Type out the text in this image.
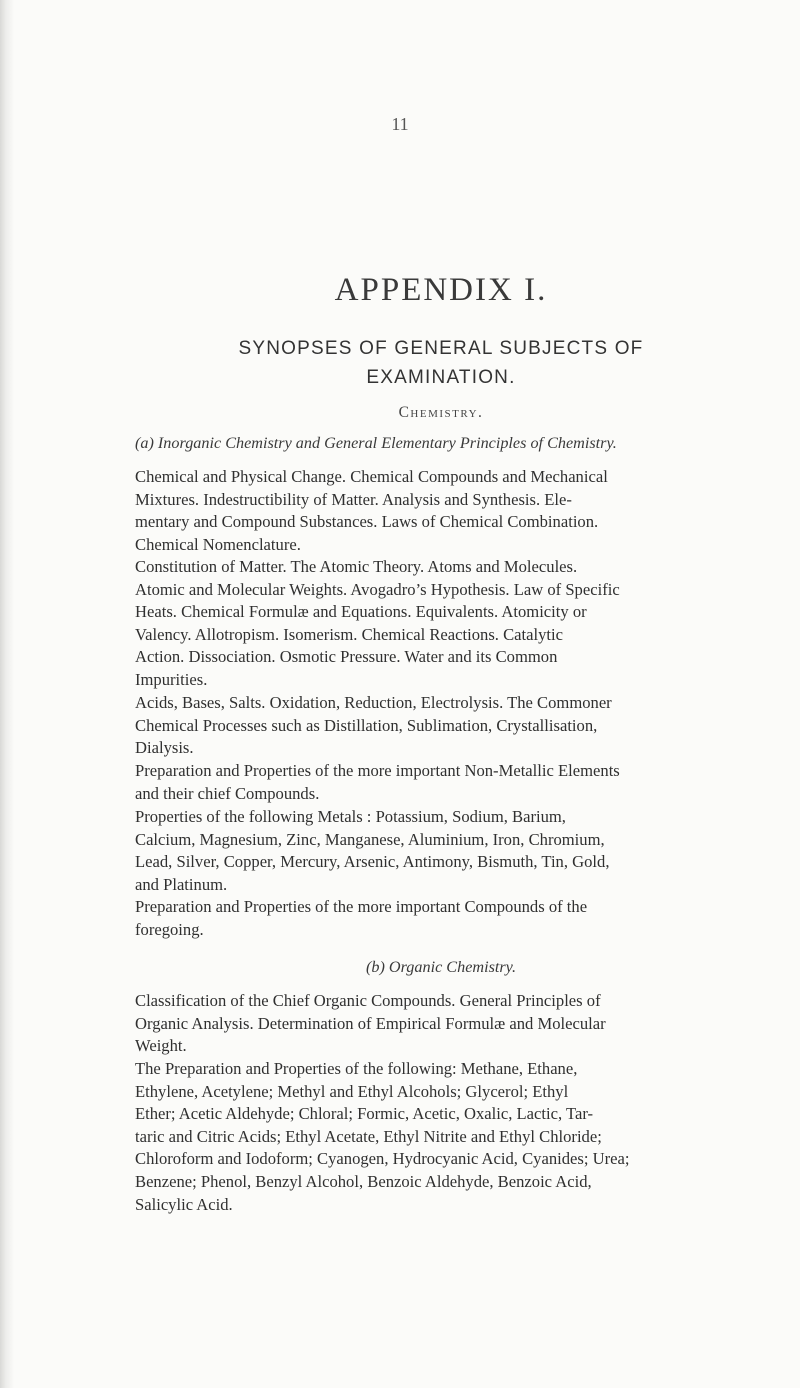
11
APPENDIX I.
SYNOPSES OF GENERAL SUBJECTS OF
EXAMINATION.
Chemistry.
(a) Inorganic Chemistry and General Elementary Principles of Chemistry.

Chemical and Physical Change. Chemical Compounds and Mechanical
Mixtures. Indestructibility of Matter. Analysis and Synthesis. Ele-
mentary and Compound Substances. Laws of Chemical Combination.
Chemical Nomenclature.

Constitution of Matter. The Atomic Theory. Atoms and Molecules.
Atomic and Molecular Weights. Avogadro’s Hypothesis. Law of Specific
Heats. Chemical Formulæ and Equations. Equivalents. Atomicity or
Valency. Allotropism. Isomerism. Chemical Reactions. Catalytic
Action. Dissociation. Osmotic Pressure. Water and its Common
Impurities.

Acids, Bases, Salts. Oxidation, Reduction, Electrolysis. The Commoner
Chemical Processes such as Distillation, Sublimation, Crystallisation,
Dialysis.

Preparation and Properties of the more important Non-Metallic Elements
and their chief Compounds.

Properties of the following Metals : Potassium, Sodium, Barium,
Calcium, Magnesium, Zinc, Manganese, Aluminium, Iron, Chromium,
Lead, Silver, Copper, Mercury, Arsenic, Antimony, Bismuth, Tin, Gold,
and Platinum.

Preparation and Properties of the more important Compounds of the
foregoing.

(b) Organic Chemistry.

Classification of the Chief Organic Compounds. General Principles of
Organic Analysis. Determination of Empirical Formulæ and Molecular
Weight.

The Preparation and Properties of the following: Methane, Ethane,
Ethylene, Acetylene; Methyl and Ethyl Alcohols; Glycerol; Ethyl
Ether; Acetic Aldehyde; Chloral; Formic, Acetic, Oxalic, Lactic, Tar-
taric and Citric Acids; Ethyl Acetate, Ethyl Nitrite and Ethyl Chloride;
Chloroform and Iodoform; Cyanogen, Hydrocyanic Acid, Cyanides; Urea;
Benzene; Phenol, Benzyl Alcohol, Benzoic Aldehyde, Benzoic Acid,
Salicylic Acid.
